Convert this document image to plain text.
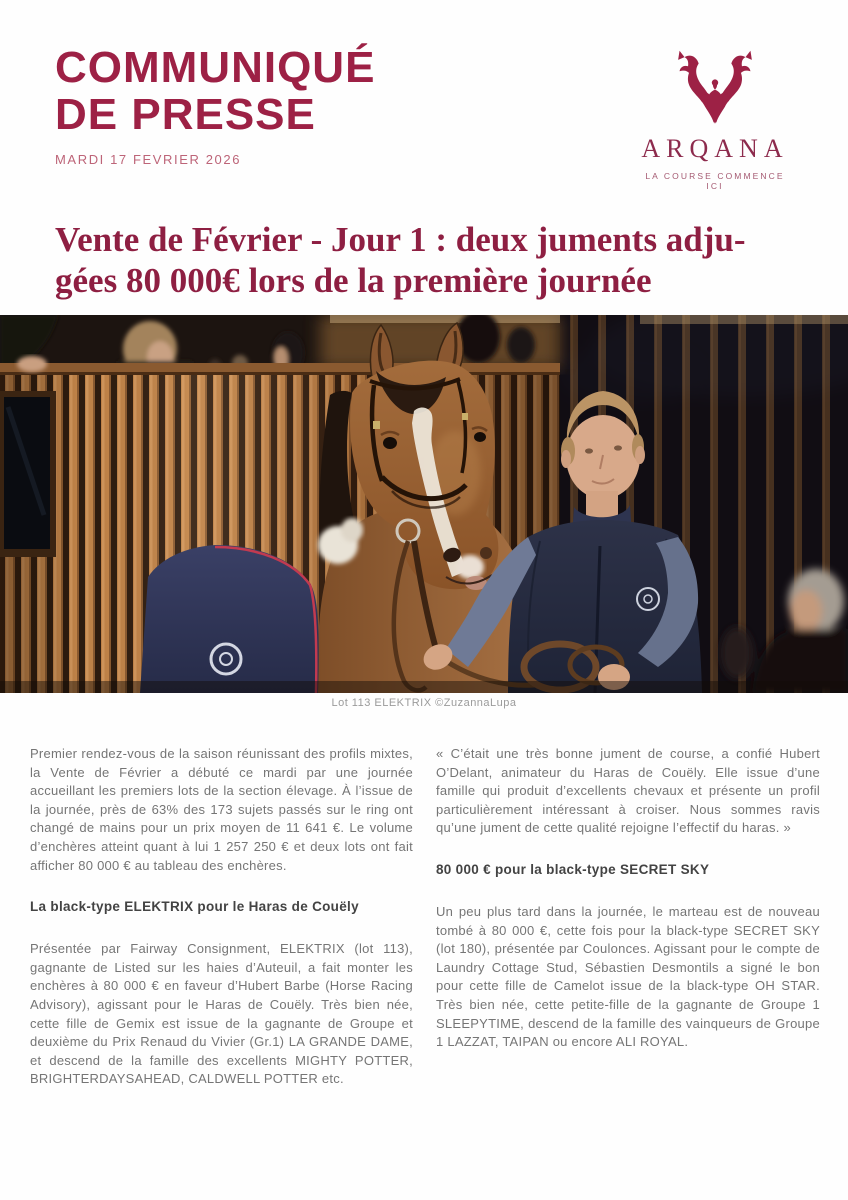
COMMUNIQUÉ
DE PRESSE
MARDI 17 FEVRIER 2026	ARQANA
LA COURSE COMMENCE ICI
Vente de Février - Jour 1 : deux juments adju-
gées 80 000€ lors de la première journée
Lot 113 ELEKTRIX ©ZuzannaLupa

Premier rendez-vous de la saison réunissant des profils mixtes, la Vente de Février a débuté ce mardi par une journée accueillant les premiers lots de la section élevage. À l’issue de la journée, près de 63% des 173 sujets passés sur le ring ont changé de mains pour un prix moyen de 11 641 €. Le volume d’enchères atteint quant à lui 1 257 250 € et deux lots ont fait afficher 80 000 € au tableau des enchères.

La black-type ELEKTRIX pour le Haras de Couëly

Présentée par Fairway Consignment, ELEKTRIX (lot 113), gagnante de Listed sur les haies d’Auteuil, a fait monter les enchères à 80 000 € en faveur d’Hubert Barbe (Horse Racing Advisory), agissant pour le Haras de Couëly. Très bien née, cette fille de Gemix est issue de la gagnante de Groupe et deuxième du Prix Renaud du Vivier (Gr.1) LA GRANDE DAME, et descend de la famille des excellents MIGHTY POTTER, BRIGHTERDAYSAHEAD, CALDWELL POTTER etc.

« C’était une très bonne jument de course, a confié Hubert O’Delant, animateur du Haras de Couëly. Elle issue d’une famille qui produit d’excellents chevaux et présente un profil particulièrement intéressant à croiser. Nous sommes ravis qu’une jument de cette qualité rejoigne l’effectif du haras. »

80 000 € pour la black-type SECRET SKY

Un peu plus tard dans la journée, le marteau est de nouveau tombé à 80 000 €, cette fois pour la black-type SECRET SKY (lot 180), présentée par Coulonces. Agissant pour le compte de Laundry Cottage Stud, Sébastien Desmontils a signé le bon pour cette fille de Camelot issue de la black-type OH STAR. Très bien née, cette petite-fille de la gagnante de Groupe 1 SLEEPYTIME, descend de la famille des vainqueurs de Groupe 1 LAZZAT, TAIPAN ou encore ALI ROYAL.
